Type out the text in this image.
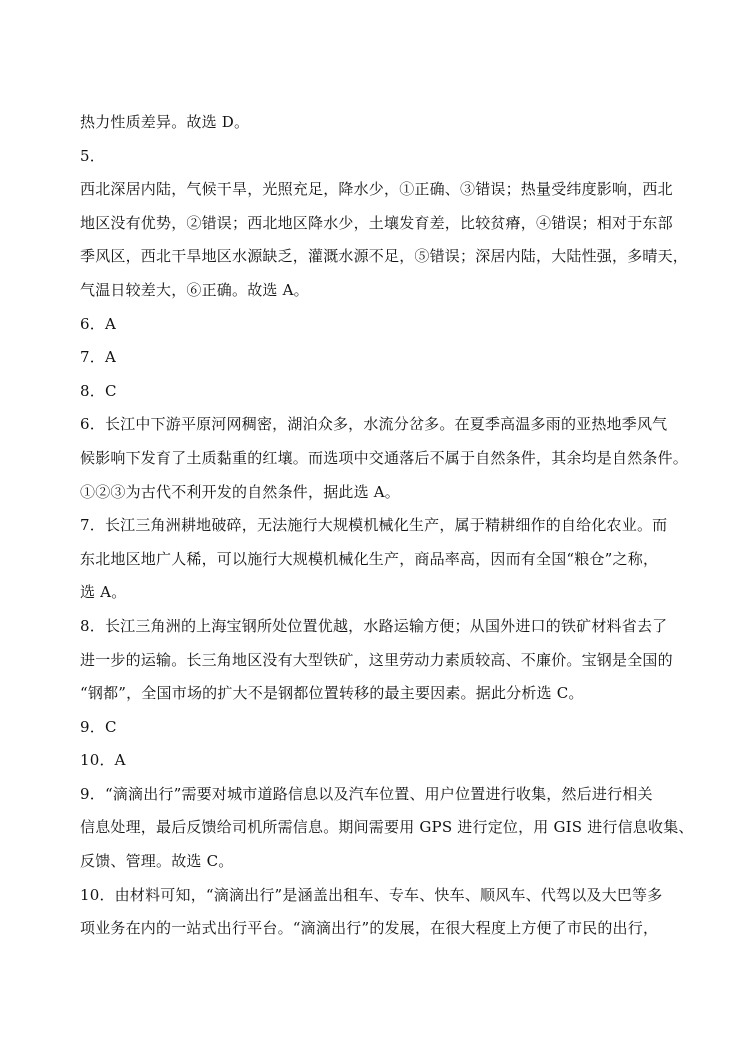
热力性质差异。故选 D。
5．
西北深居内陆，气候干旱，光照充足，降水少，①正确、③错误；热量受纬度影响，西北
地区没有优势，②错误；西北地区降水少，土壤发育差，比较贫瘠，④错误；相对于东部
季风区，西北干旱地区水源缺乏，灌溉水源不足，⑤错误；深居内陆，大陆性强，多晴天，
气温日较差大，⑥正确。故选 A。
6．A
7．A
8．C
6．长江中下游平原河网稠密，湖泊众多，水流分岔多。在夏季高温多雨的亚热地季风气
候影响下发育了土质黏重的红壤。而选项中交通落后不属于自然条件，其余均是自然条件。
①②③为古代不利开发的自然条件，据此选 A。
7．长江三角洲耕地破碎，无法施行大规模机械化生产，属于精耕细作的自给化农业。而
东北地区地广人稀，可以施行大规模机械化生产，商品率高，因而有全国“粮仓”之称，
选 A。
8．长江三角洲的上海宝钢所处位置优越，水路运输方便；从国外进口的铁矿材料省去了
进一步的运输。长三角地区没有大型铁矿，这里劳动力素质较高、不廉价。宝钢是全国的
“钢都”，全国市场的扩大不是钢都位置转移的最主要因素。据此分析选 C。
9．C
10．A
9．“滴滴出行”需要对城市道路信息以及汽车位置、用户位置进行收集，然后进行相关
信息处理，最后反馈给司机所需信息。期间需要用 GPS 进行定位，用 GIS 进行信息收集、
反馈、管理。故选 C。
10．由材料可知，“滴滴出行”是涵盖出租车、专车、快车、顺风车、代驾以及大巴等多
项业务在内的一站式出行平台。“滴滴出行”的发展，在很大程度上方便了市民的出行，
